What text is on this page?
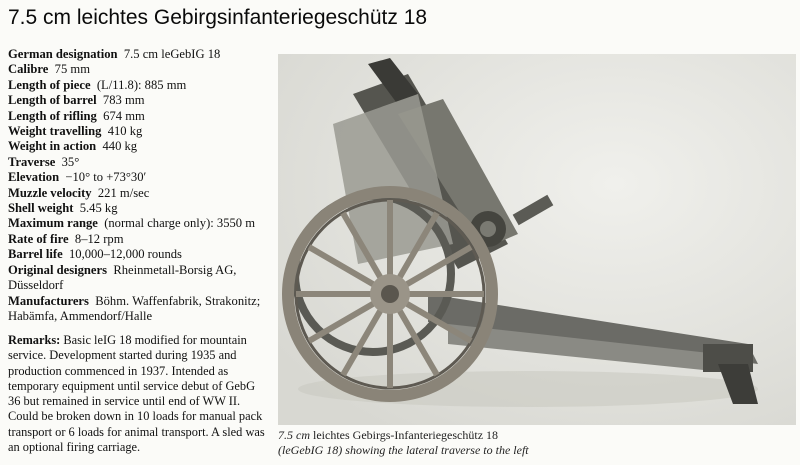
7.5 cm leichtes Gebirgsinfanteriegeschütz 18

German designation 7.5 cm leGebIG 18

Calibre 75 mm

Length of piece (L/11.8): 885 mm

Length of barrel 783 mm

Length of rifling 674 mm

Weight travelling 410 kg

Weight in action 440 kg

Traverse 35°

Elevation −10° to +73°30′

Muzzle velocity 221 m/sec

Shell weight 5.45 kg

Maximum range (normal charge only): 3550 m

Rate of fire 8–12 rpm

Barrel life 10,000–12,000 rounds

Original designers Rheinmetall-Borsig AG, Düsseldorf

Manufacturers Böhm. Waffenfabrik, Strakonitz; Habämfa, Ammendorf/Halle

Remarks: Basic leIG 18 modified for mountain service. Development started during 1935 and production commenced in 1937. Intended as temporary equipment until service debut of GebG 36 but remained in service until end of WW II. Could be broken down in 10 loads for manual pack transport or 6 loads for animal transport. A sled was an optional firing carriage.
7.5 cm leichtes Gebirgs-Infanteriegeschütz 18
(leGebIG 18) showing the lateral traverse to the left
